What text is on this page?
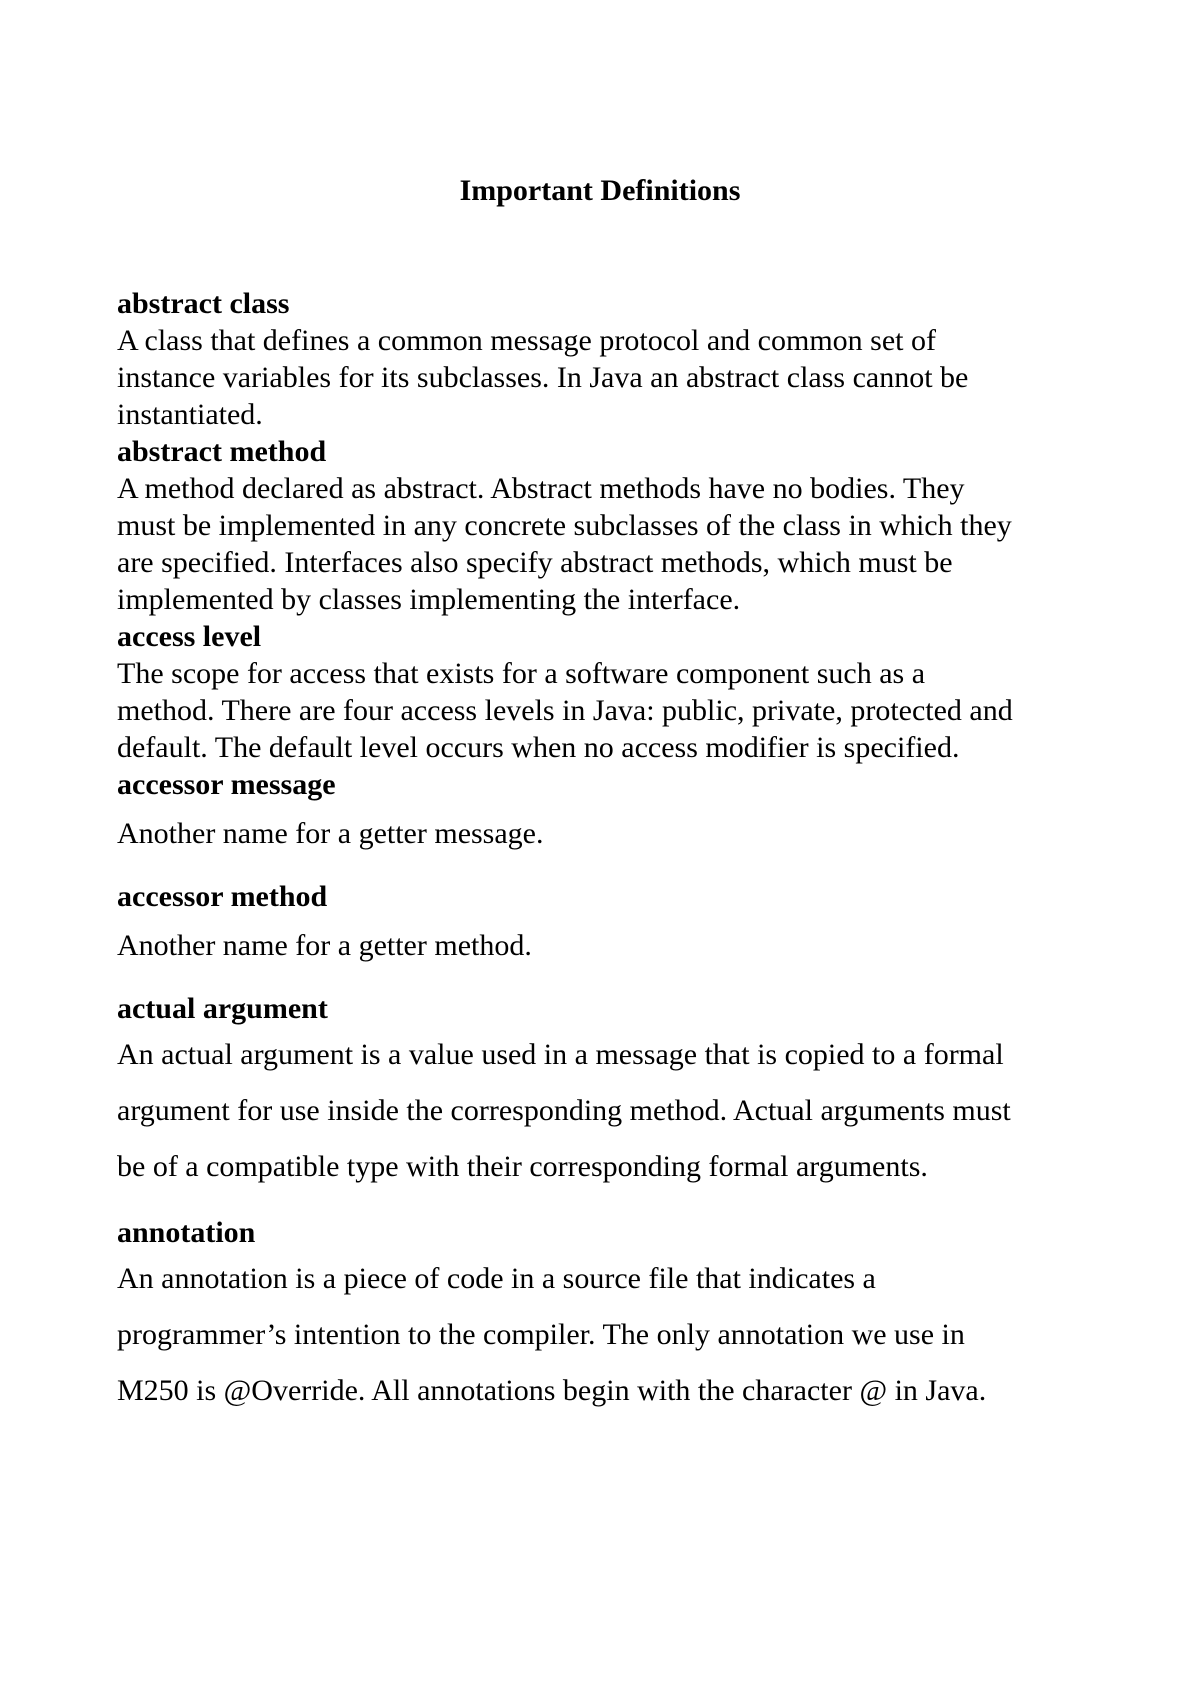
Important Definitions
abstract class
A class that defines a common message protocol and common set of
instance variables for its subclasses. In Java an abstract class cannot be
instantiated.
abstract method
A method declared as abstract. Abstract methods have no bodies. They
must be implemented in any concrete subclasses of the class in which they
are specified. Interfaces also specify abstract methods, which must be
implemented by classes implementing the interface.
access level
The scope for access that exists for a software component such as a
method. There are four access levels in Java: public, private, protected and
default. The default level occurs when no access modifier is specified.
accessor message
Another name for a getter message.
accessor method
Another name for a getter method.
actual argument
An actual argument is a value used in a message that is copied to a formal
argument for use inside the corresponding method. Actual arguments must
be of a compatible type with their corresponding formal arguments.
annotation
An annotation is a piece of code in a source file that indicates a
programmer’s intention to the compiler. The only annotation we use in
M250 is @Override. All annotations begin with the character @ in Java.
